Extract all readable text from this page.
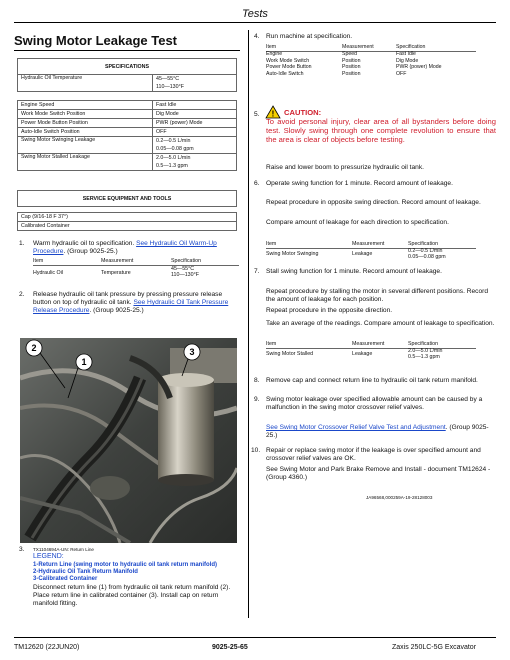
Tests
Swing Motor Leakage Test
SPECIFICATIONS	
Hydraulic Oil Temperature	45—55°C
110—130°F

Engine Speed	Fast Idle
Work Mode Switch Position	Dig Mode
Power Mode Button Position	PWR (power) Mode
Auto-Idle Switch Position	OFF
Swing Motor Swinging Leakage	0.2—0.5 L/min
0.05—0.08 gpm
Swing Motor Stalled Leakage	2.0—5.0 L/min
0.5—1.3 gpm
SERVICE EQUIPMENT AND TOOLS

Cap (9/16-18 F 37°)
Calibrated Container
1. Warm hydraulic oil to specification. See Hydraulic Oil Warm-Up Procedure. (Group 9025-25.)
Item	Measurement	Specification
Hydraulic Oil	Temperature
45—55°C
110—130°F
2. Release hydraulic oil tank pressure by pressing pressure release button on top of hydraulic oil tank. See Hydraulic Oil Tank Pressure Release Procedure. (Group 9025-25.)
2
1
3
3. TX1104694A-UN: Return Line
LEGEND:
1-Return Line (swing motor to hydraulic oil tank return manifold)
2-Hydraulic Oil Tank Return Manifold
3-Calibrated Container
Disconnect return line (1) from hydraulic oil tank return manifold (2). Place return line in calibrated container (3). Install cap on return manifold fitting.
4. Run machine at specification.
Item	Measurement	Specification
Engine	Speed	Fast Idle
Work Mode Switch	Position	Dig Mode
Power Mode Button	Position	PWR (power) Mode
Auto-Idle Switch	Position	OFF
5. ! CAUTION:
To avoid personal injury, clear area of all bystanders before doing test. Slowly swing through one complete revolution to ensure that the area is clear of objects before testing.
Raise and lower boom to pressurize hydraulic oil tank.
6. Operate swing function for 1 minute. Record amount of leakage.
Repeat procedure in opposite swing direction. Record amount of leakage.
Compare amount of leakage for each direction to specification.
Item	Measurement	Specification
Swing Motor Swinging	Leakage	0.2—0.5 L/min
0.05—0.08 gpm
7. Stall swing function for 1 minute. Record amount of leakage.
Repeat procedure by stalling the motor in several different positions. Record the amount of leakage for each position.
Repeat procedure in the opposite direction.
Take an average of the readings. Compare amount of leakage to specification.
Item	Measurement	Specification
Swing Motor Stalled	Leakage	2.0—5.0 L/min
0.5—1.3 gpm
8. Remove cap and connect return line to hydraulic oil tank return manifold.
9. Swing motor leakage over specified allowable amount can be caused by a malfunction in the swing motor crossover relief valves.
See Swing Motor Crossover Relief Valve Test and Adjustment. (Group 9025-25.)
10. Repair or replace swing motor if the leakage is over specified amount and crossover relief valves are OK.
See Swing Motor and Park Brake Remove and Install - document TM12624 - (Group 4360.)
JA96568,000259A-19-28128003
TM12620 (22JUN20)	9025-25-65	Zaxis 250LC-5G Excavator
